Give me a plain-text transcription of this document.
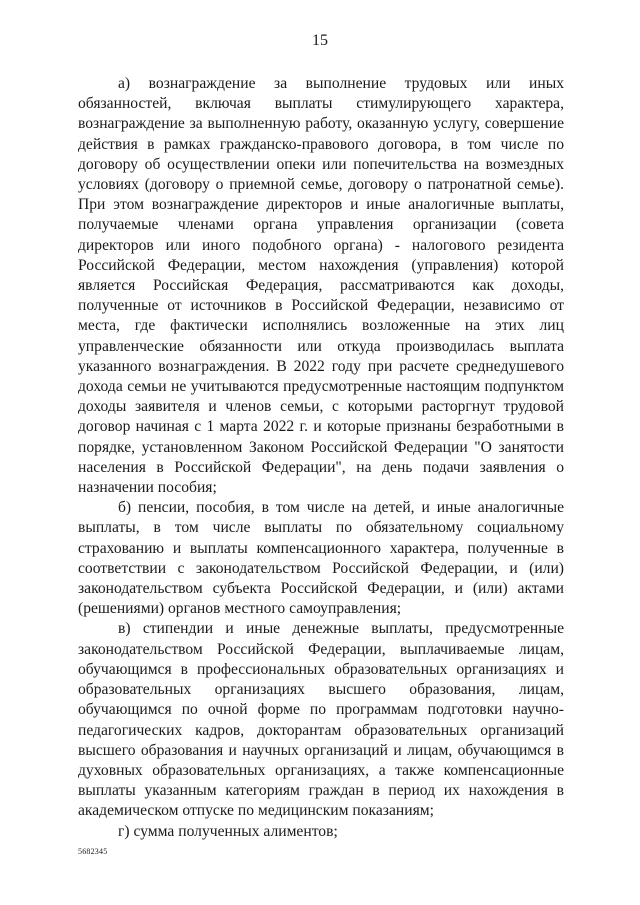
15

а) вознаграждение за выполнение трудовых или иных обязанностей, включая выплаты стимулирующего характера, вознаграждение за выполненную работу, оказанную услугу, совершение действия в рамках гражданско-правового договора, в том числе по договору об осуществлении опеки или попечительства на возмездных условиях (договору о приемной семье, договору о патронатной семье). При этом вознаграждение директоров и иные аналогичные выплаты, получаемые членами органа управления организации (совета директоров или иного подобного органа) - налогового резидента Российской Федерации, местом нахождения (управления) которой является Российская Федерация, рассматриваются как доходы, полученные от источников в Российской Федерации, независимо от места, где фактически исполнялись возложенные на этих лиц управленческие обязанности или откуда производилась выплата указанного вознаграждения. В 2022 году при расчете среднедушевого дохода семьи не учитываются предусмотренные настоящим подпунктом доходы заявителя и членов семьи, с которыми расторгнут трудовой договор начиная с 1 марта 2022 г. и которые признаны безработными в порядке, установленном Законом Российской Федерации "О занятости населения в Российской Федерации", на день подачи заявления о назначении пособия;

б) пенсии, пособия, в том числе на детей, и иные аналогичные выплаты, в том числе выплаты по обязательному социальному страхованию и выплаты компенсационного характера, полученные в соответствии с законодательством Российской Федерации, и (или) законодательством субъекта Российской Федерации, и (или) актами (решениями) органов местного самоуправления;

в) стипендии и иные денежные выплаты, предусмотренные законодательством Российской Федерации, выплачиваемые лицам, обучающимся в профессиональных образовательных организациях и образовательных организациях высшего образования, лицам, обучающимся по очной форме по программам подготовки научно-педагогических кадров, докторантам образовательных организаций высшего образования и научных организаций и лицам, обучающимся в духовных образовательных организациях, а также компенсационные выплаты указанным категориям граждан в период их нахождения в академическом отпуске по медицинским показаниям;

г) сумма полученных алиментов;

5682345
